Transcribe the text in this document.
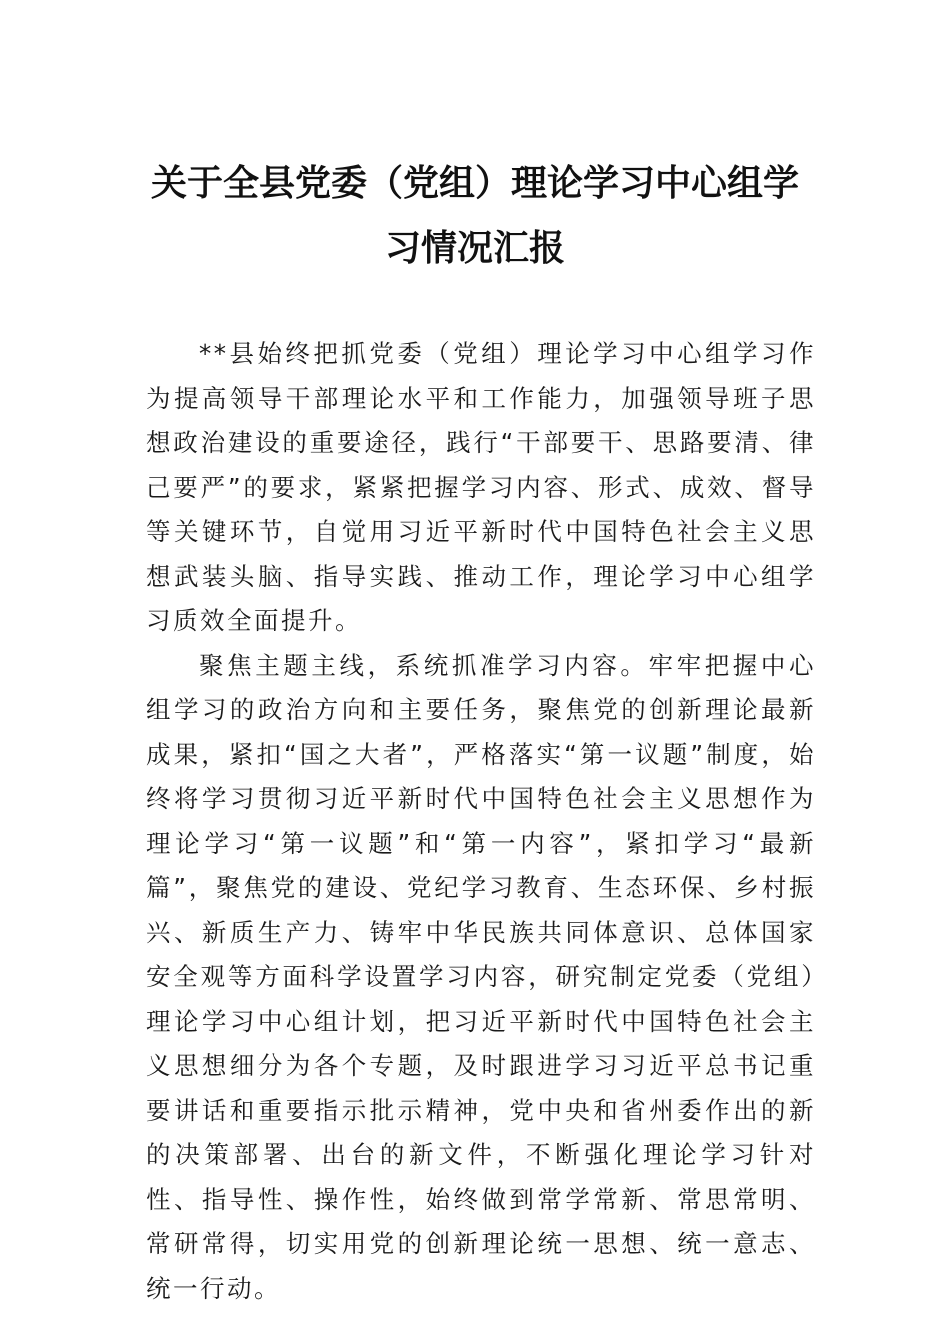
关于全县党委（党组）理论学习中心组学
习情况汇报

**县始终把抓党委（党组）理论学习中心组学习作为提高领导干部理论水平和工作能力，加强领导班子思想政治建设的重要途径，践行“干部要干、思路要清、律己要严”的要求，紧紧把握学习内容、形式、成效、督导等关键环节，自觉用习近平新时代中国特色社会主义思想武装头脑、指导实践、推动工作，理论学习中心组学习质效全面提升。

聚焦主题主线，系统抓准学习内容。牢牢把握中心组学习的政治方向和主要任务，聚焦党的创新理论最新成果，紧扣“国之大者”，严格落实“第一议题”制度，始终将学习贯彻习近平新时代中国特色社会主义思想作为理论学习“第一议题”和“第一内容”，紧扣学习“最新篇”，聚焦党的建设、党纪学习教育、生态环保、乡村振兴、新质生产力、铸牢中华民族共同体意识、总体国家安全观等方面科学设置学习内容，研究制定党委（党组）理论学习中心组计划，把习近平新时代中国特色社会主义思想细分为各个专题，及时跟进学习习近平总书记重要讲话和重要指示批示精神，党中央和省州委作出的新的决策部署、出台的新文件，不断强化理论学习针对性、指导性、操作性，始终做到常学常新、常思常明、常研常得，切实用党的创新理论统一思想、统一意志、统一行动。
